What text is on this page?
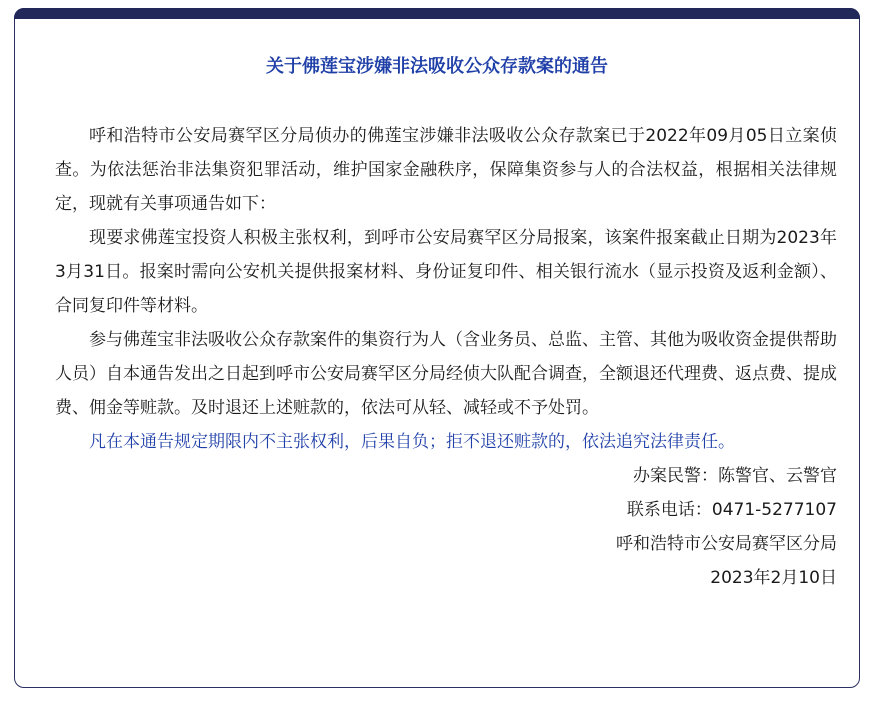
关于佛莲宝涉嫌非法吸收公众存款案的通告

呼和浩特市公安局赛罕区分局侦办的佛莲宝涉嫌非法吸收公众存款案已于2022年09月05日立案侦查。为依法惩治非法集资犯罪活动，维护国家金融秩序，保障集资参与人的合法权益，根据相关法律规定，现就有关事项通告如下：

现要求佛莲宝投资人积极主张权利，到呼市公安局赛罕区分局报案，该案件报案截止日期为2023年3月31日。报案时需向公安机关提供报案材料、身份证复印件、相关银行流水（显示投资及返利金额）、合同复印件等材料。

参与佛莲宝非法吸收公众存款案件的集资行为人（含业务员、总监、主管、其他为吸收资金提供帮助人员）自本通告发出之日起到呼市公安局赛罕区分局经侦大队配合调查，全额退还代理费、返点费、提成费、佣金等赃款。及时退还上述赃款的，依法可从轻、减轻或不予处罚。

凡在本通告规定期限内不主张权利，后果自负；拒不退还赃款的，依法追究法律责任。

办案民警：陈警官、云警官

联系电话：0471-5277107

呼和浩特市公安局赛罕区分局

2023年2月10日
